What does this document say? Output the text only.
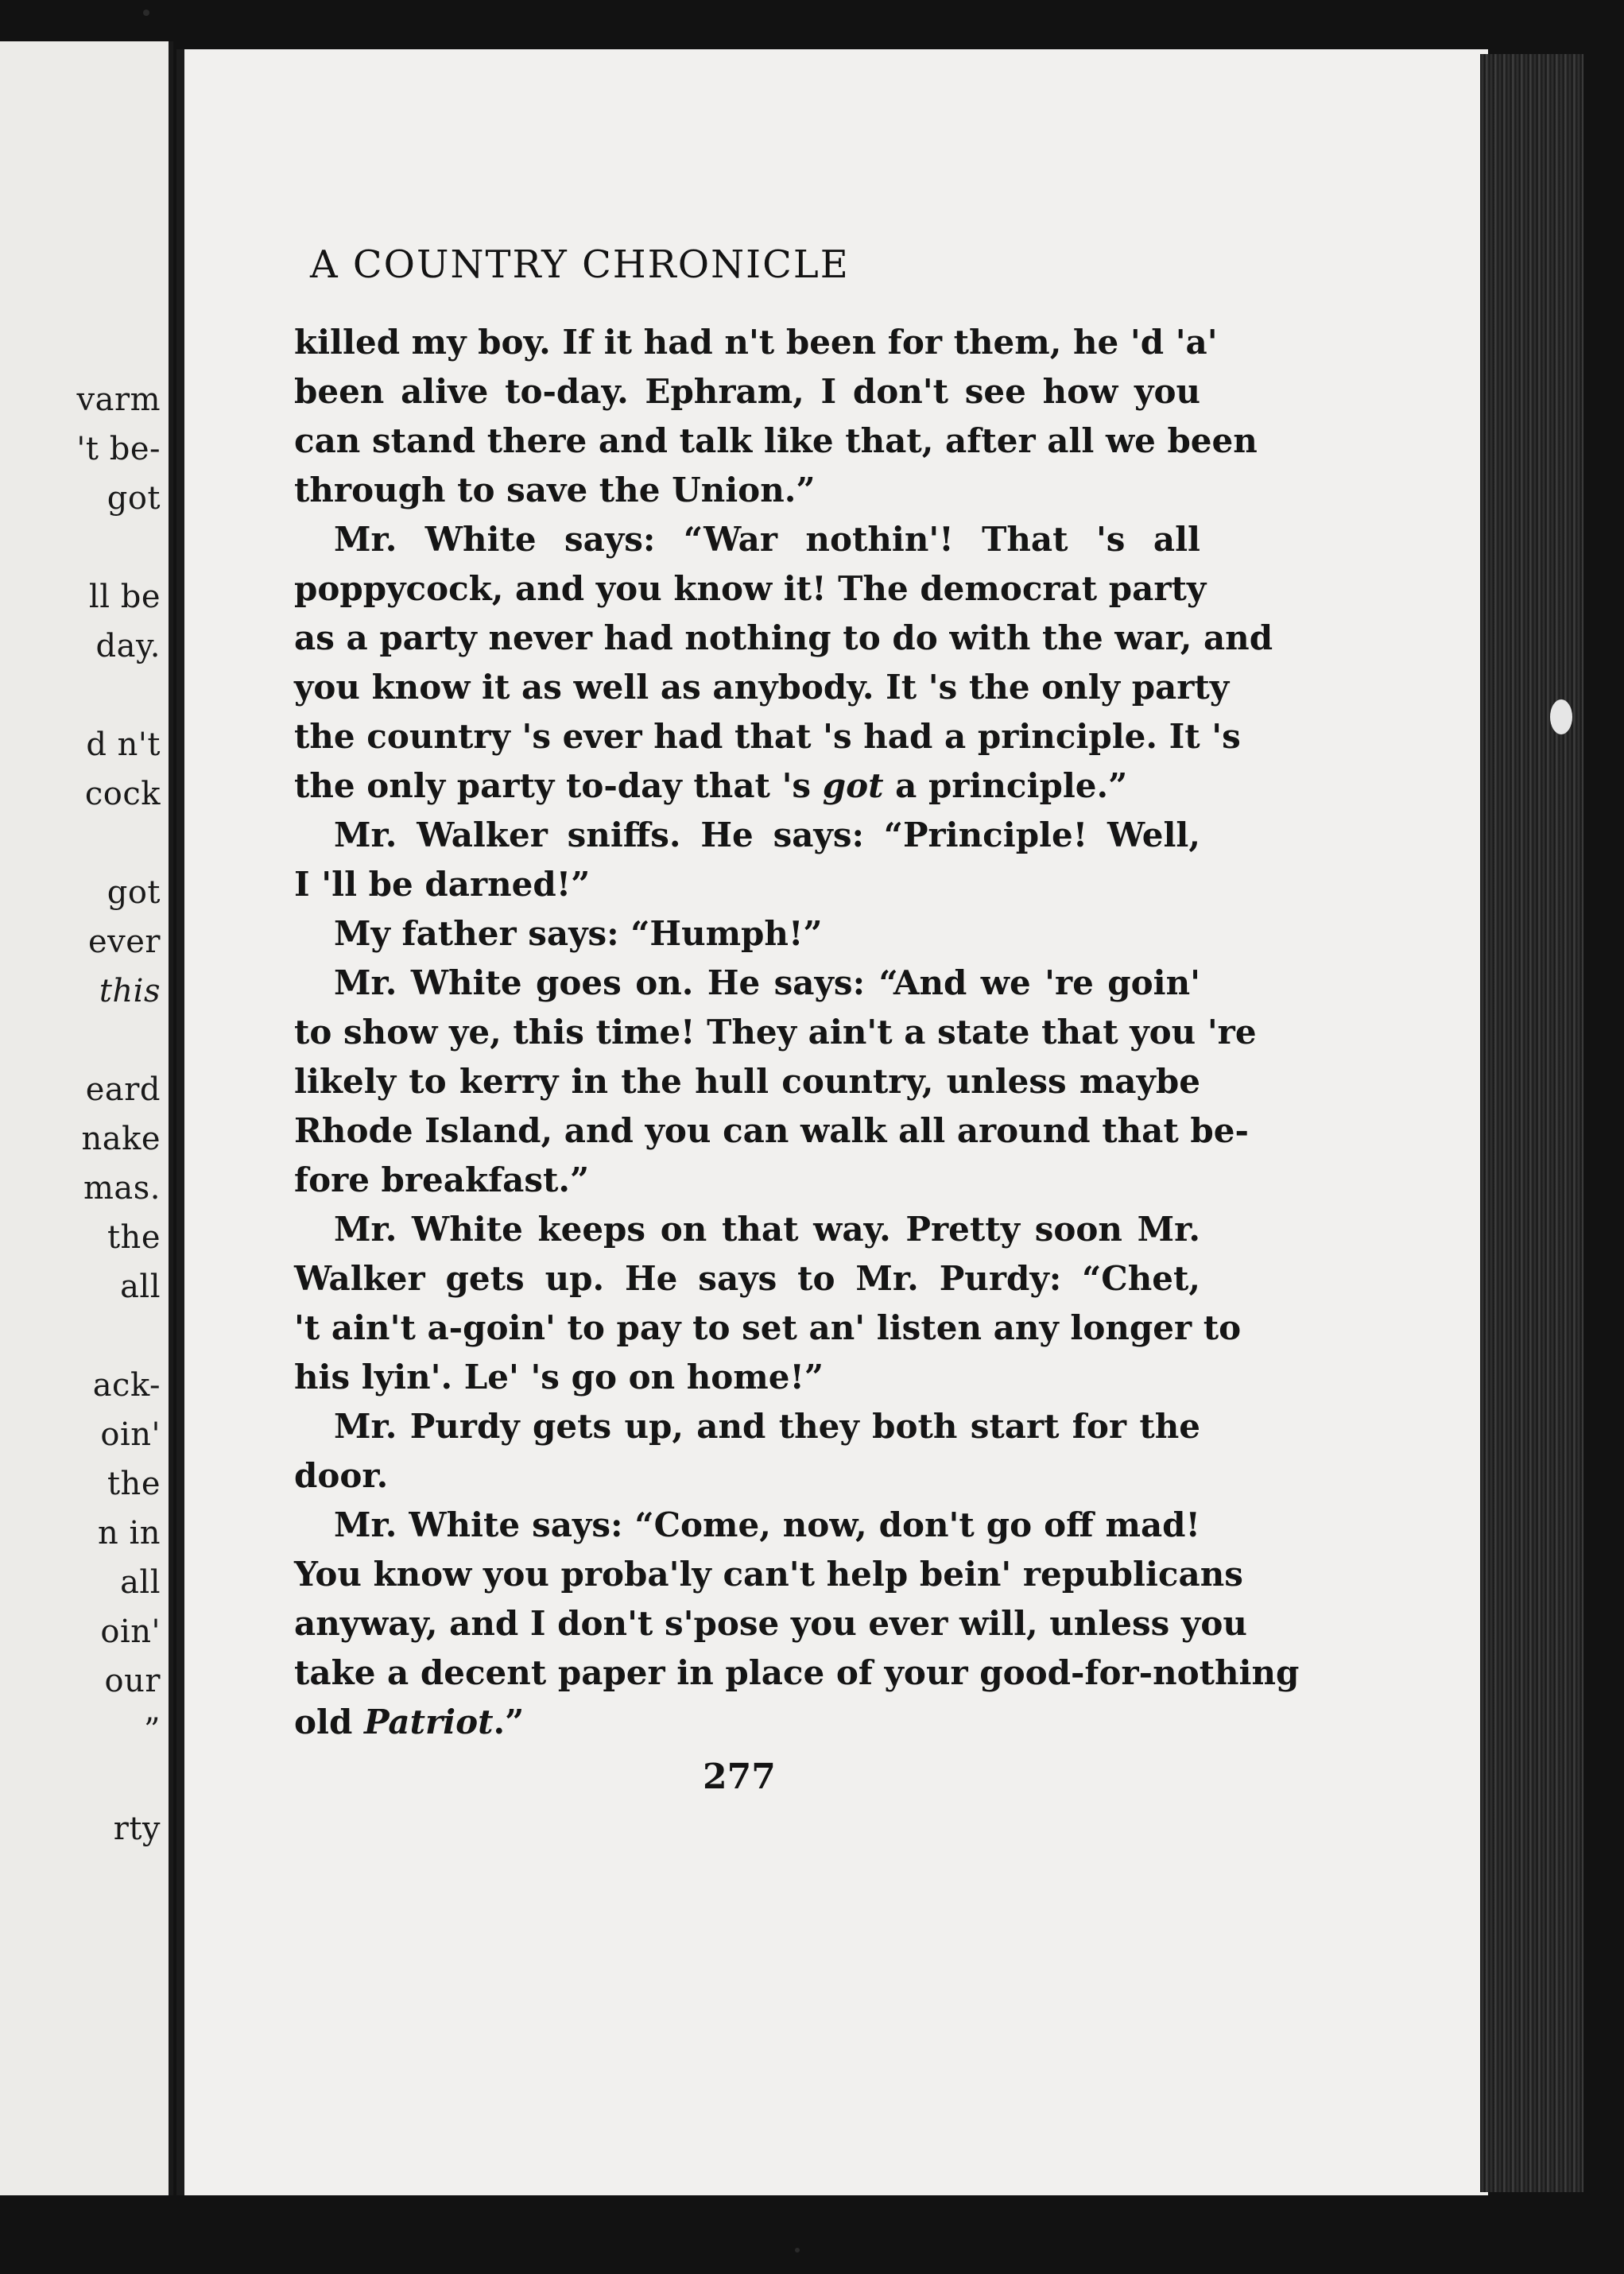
varm
't be-
got
ll be
day.
d n't
cock
got
ever
this
eard
nake
mas.
the
all
ack-
oin'
the
n in
all
oin'
our
”
rty
A COUNTRY CHRONICLE
killed my boy. If it had n't been for them, he 'd 'a'
been alive to-day. Ephram, I don't see how you
can stand there and talk like that, after all we been
through to save the Union.”
Mr. White says: “War nothin'! That 's all
poppycock, and you know it! The democrat party
as a party never had nothing to do with the war, and
you know it as well as anybody. It 's the only party
the country 's ever had that 's had a principle. It 's
the only party to-day that 's got a principle.”
Mr. Walker sniffs. He says: “Principle! Well,
I 'll be darned!”
My father says: “Humph!”
Mr. White goes on. He says: “And we 're goin'
to show ye, this time! They ain't a state that you 're
likely to kerry in the hull country, unless maybe
Rhode Island, and you can walk all around that be-
fore breakfast.”
Mr. White keeps on that way. Pretty soon Mr.
Walker gets up. He says to Mr. Purdy: “Chet,
't ain't a-goin' to pay to set an' listen any longer to
his lyin'. Le' 's go on home!”
Mr. Purdy gets up, and they both start for the
door.
Mr. White says: “Come, now, don't go off mad!
You know you proba'ly can't help bein' republicans
anyway, and I don't s'pose you ever will, unless you
take a decent paper in place of your good-for-nothing
old Patriot.”
277
